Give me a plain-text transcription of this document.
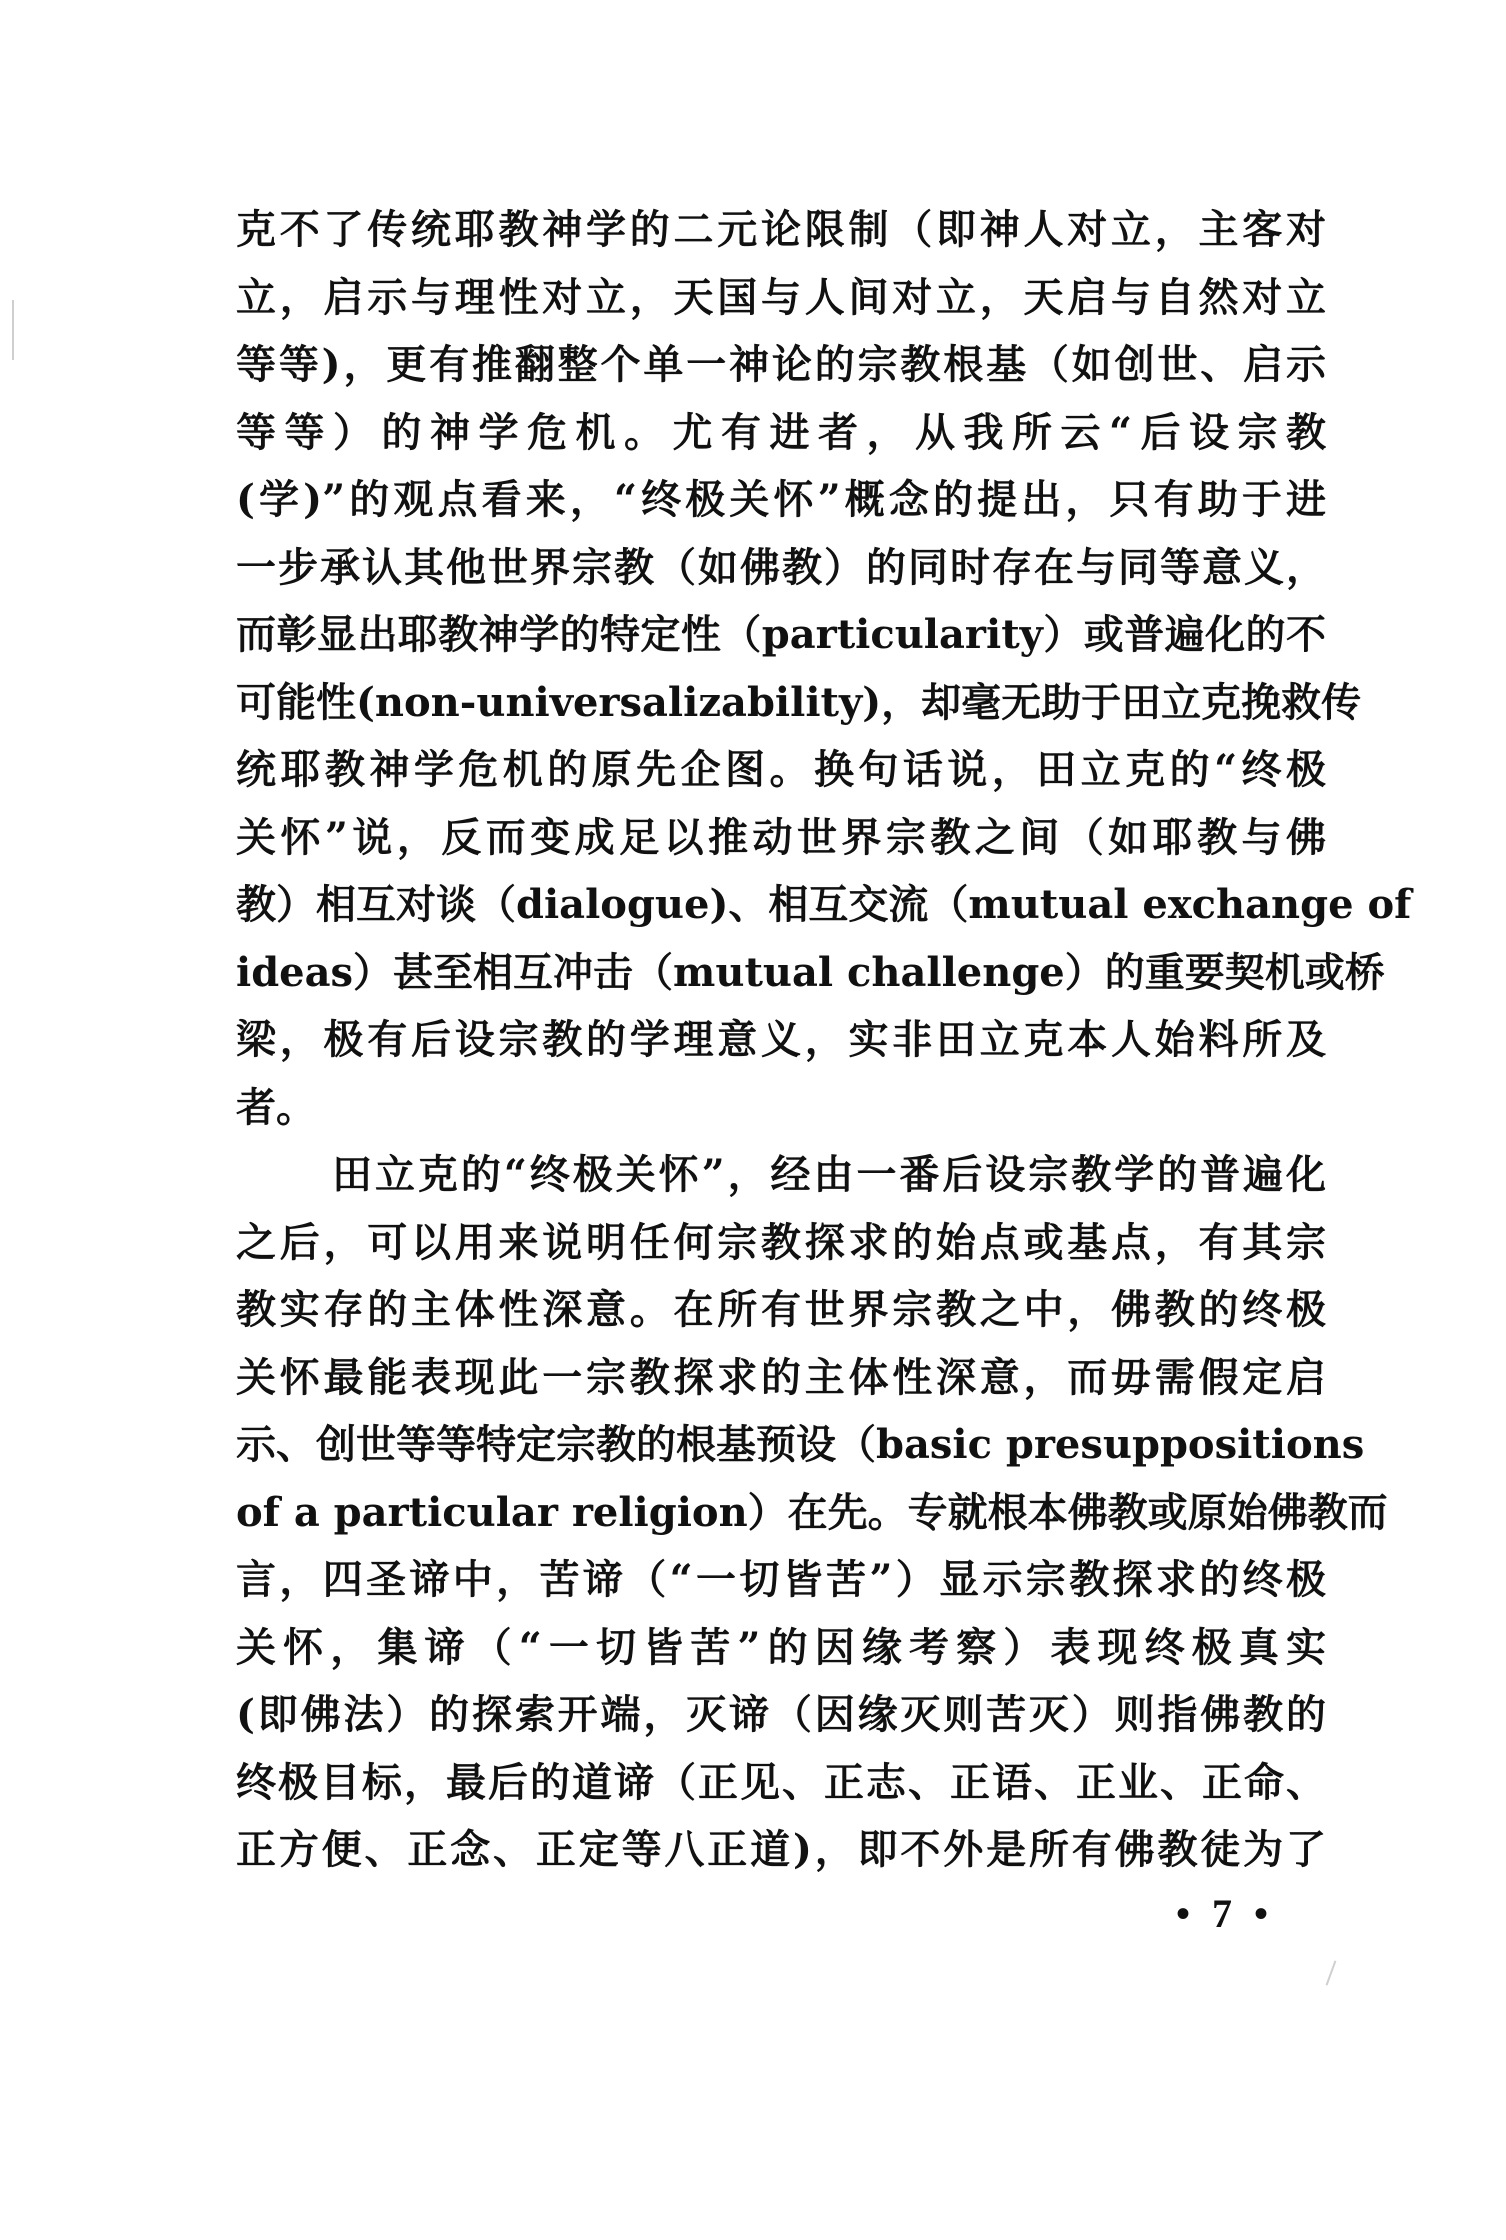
克不了传统耶教神学的二元论限制（即神人对立，主客对
立，启示与理性对立，天国与人间对立，天启与自然对立
等等)，更有推翻整个单一神论的宗教根基（如创世、启示
等等）的神学危机。尤有进者，从我所云“后设宗教
(学)”的观点看来，“终极关怀”概念的提出，只有助于进
一步承认其他世界宗教（如佛教）的同时存在与同等意义，
而彰显出耶教神学的特定性（particularity）或普遍化的不
可能性(non-universalizability)，却毫无助于田立克挽救传
统耶教神学危机的原先企图。换句话说，田立克的“终极
关怀”说，反而变成足以推动世界宗教之间（如耶教与佛
教）相互对谈（dialogue)、相互交流（mutual exchange of
ideas）甚至相互冲击（mutual challenge）的重要契机或桥
梁，极有后设宗教的学理意义，实非田立克本人始料所及
者。
田立克的“终极关怀”，经由一番后设宗教学的普遍化
之后，可以用来说明任何宗教探求的始点或基点，有其宗
教实存的主体性深意。在所有世界宗教之中，佛教的终极
关怀最能表现此一宗教探求的主体性深意，而毋需假定启
示、创世等等特定宗教的根基预设（basic presuppositions
of a particular religion）在先。专就根本佛教或原始佛教而
言，四圣谛中，苦谛（“一切皆苦”）显示宗教探求的终极
关怀，集谛（“一切皆苦”的因缘考察）表现终极真实
(即佛法）的探索开端，灭谛（因缘灭则苦灭）则指佛教的
终极目标，最后的道谛（正见、正志、正语、正业、正命、
正方便、正念、正定等八正道)，即不外是所有佛教徒为了
• 7 •
